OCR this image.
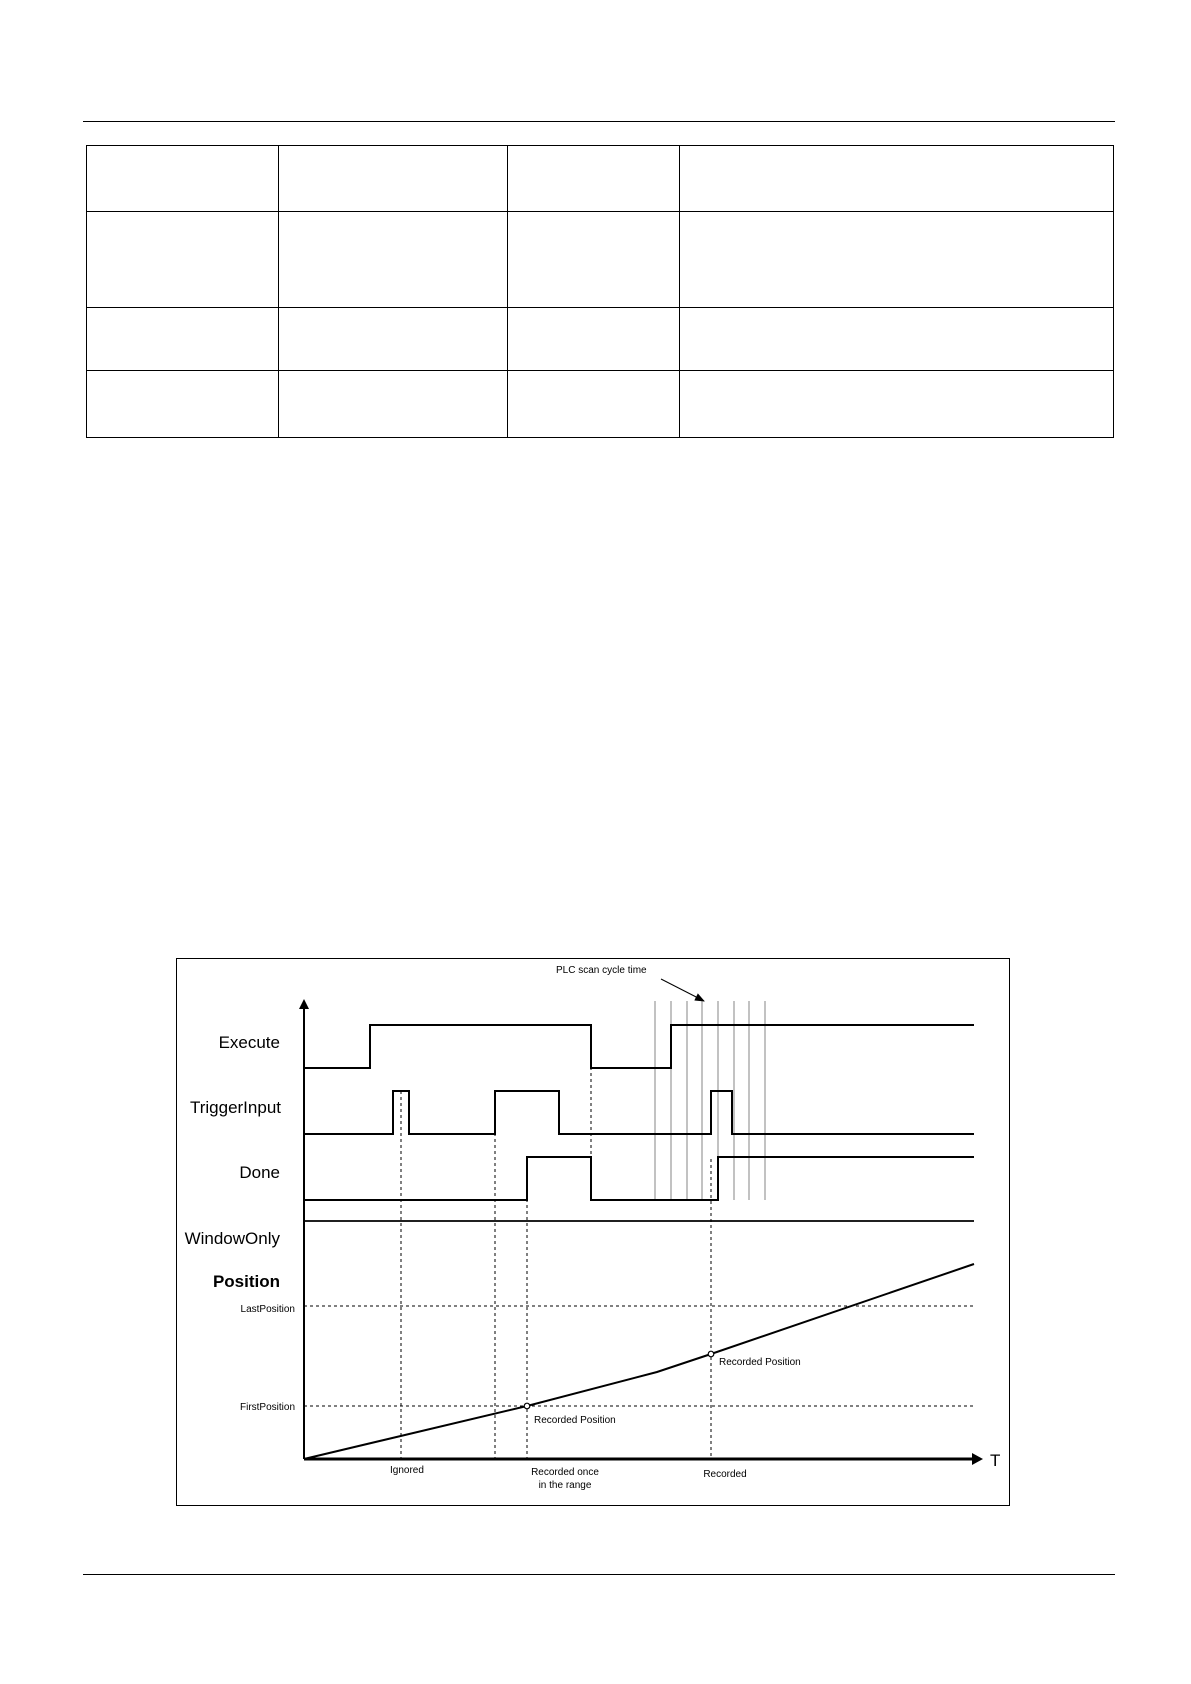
T
Execute
TriggerInput
Done
WindowOnly
Position
LastPosition
FirstPosition
PLC scan cycle time
Recorded Position
Recorded Position
Ignored	Recorded once
in the range
Recorded
